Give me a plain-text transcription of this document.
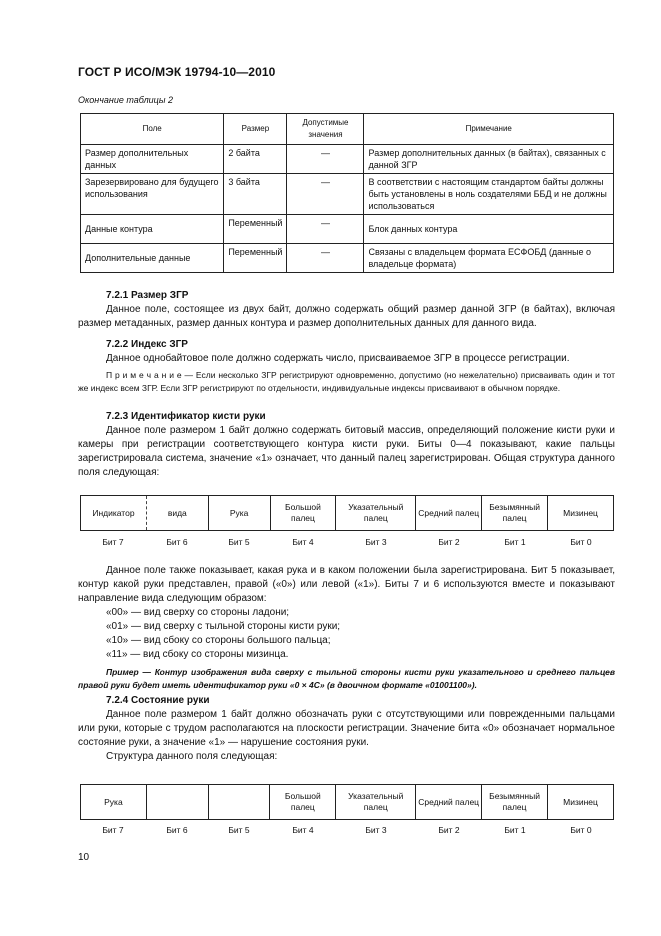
ГОСТ Р ИСО/МЭК 19794-10—2010
Окончание таблицы 2
Поле	Размер	Допустимые значения	Примечание
Размер дополнительных данных	2 байта	—	Размер дополнительных данных (в байтах), связанных с данной ЗГР
Зарезервировано для будущего использования	3 байта	—	В соответствии с настоящим стандартом байты должны быть установлены в ноль создателями ББД и не должны использоваться
Данные контура	Переменный	—	Блок данных контура
Дополнительные данные	Переменный	—	Связаны с владельцем формата ЕСФОБД (данные о владельце формата)
7.2.1 Размер ЗГР
Данное поле, состоящее из двух байт, должно содержать общий размер данной ЗГР (в байтах), включая размер метаданных, размер данных контура и размер дополнительных данных для данного вида.
7.2.2 Индекс ЗГР
Данное однобайтовое поле должно содержать число, присваиваемое ЗГР в процессе регистрации.
П р и м е ч а н и е — Если несколько ЗГР регистрируют одновременно, допустимо (но нежелательно) присваивать один и тот же индекс всем ЗГР. Если ЗГР регистрируют по отдельности, индивидуальные индексы присваивают в обычном порядке.
7.2.3 Идентификатор кисти руки
Данное поле размером 1 байт должно содержать битовый массив, определяющий положение кисти руки и камеры при регистрации соответствующего контура кисти руки. Биты 0—4 показывают, какие пальцы зарегистрировала система, значение «1» означает, что данный палец зарегистрирован. Общая структура данного поля следующая:
Индикатор	вида	Рука	Большой палец	Указательный палец	Средний палец	Безымянный палец	Мизинец
Бит 7	Бит 6	Бит 5	Бит 4	Бит 3	Бит 2	Бит 1	Бит 0
Данное поле также показывает, какая рука и в каком положении была зарегистрирована. Бит 5 показывает, контур какой руки представлен, правой («0») или левой («1»). Биты 7 и 6 используются вместе и показывают направление вида следующим образом:
«00» — вид сверху со стороны ладони;
«01» — вид сверху с тыльной стороны кисти руки;
«10» — вид сбоку со стороны большого пальца;
«11» — вид сбоку со стороны мизинца.
Пример — Контур изображения вида сверху с тыльной стороны кисти руки указательного и среднего пальцев правой руки будет иметь идентификатор руки «0 × 4C» (в двоичном формате «01001100»).
7.2.4 Состояние руки
Данное поле размером 1 байт должно обозначать руки с отсутствующими или поврежденными пальцами или руки, которые с трудом располагаются на плоскости регистрации. Значение бита «0» обозначает нормальное состояние руки, а значение «1» — нарушение состояния руки.
Структура данного поля следующая:
Рука			Большой палец	Указательный палец	Средний палец	Безымянный палец	Мизинец
Бит 7	Бит 6	Бит 5	Бит 4	Бит 3	Бит 2	Бит 1	Бит 0
10
